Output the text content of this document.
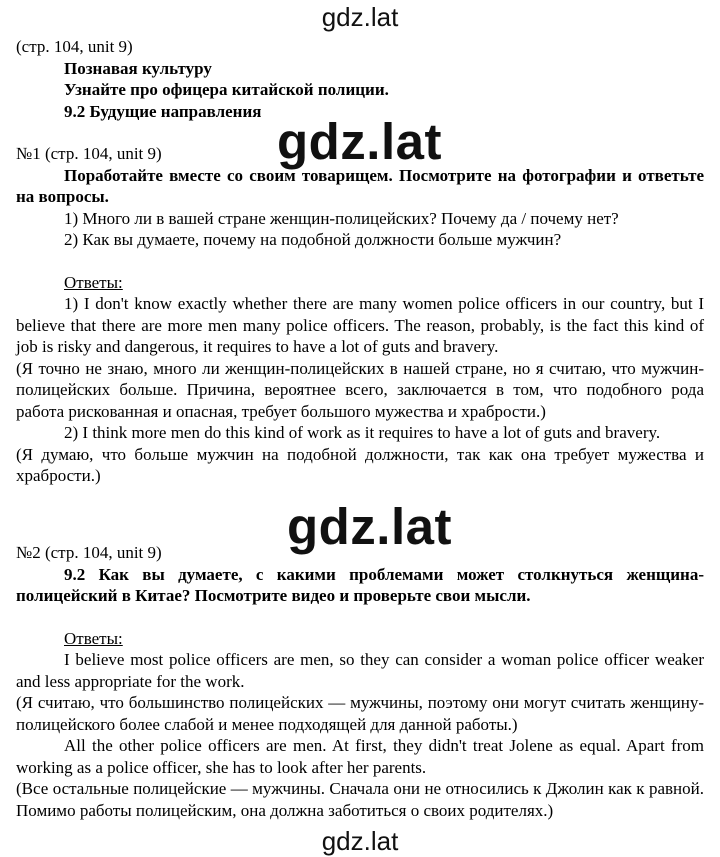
gdz.lat

(стр. 104, unit 9)

Познавая культуру

Узнайте про офицера китайской полиции.

9.2 Будущие направления

gdz.lat

№1 (стр. 104, unit 9)

Поработайте вместе со своим товарищем. Посмотрите на фотографии и ответьте на вопросы.

1) Много ли в вашей стране женщин-полицейских? Почему да / почему нет?

2) Как вы думаете, почему на подобной должности больше мужчин?

Ответы:

1) I don't know exactly whether there are many women police officers in our country, but I believe that there are more men many police officers. The reason, probably, is the fact this kind of job is risky and dangerous, it requires to have a lot of guts and bravery.

(Я точно не знаю, много ли женщин-полицейских в нашей стране, но я считаю, что мужчин-полицейских больше. Причина, вероятнее всего, заключается в том, что подобного рода работа рискованная и опасная, требует большого мужества и храбрости.)

2) I think more men do this kind of work as it requires to have a lot of guts and bravery.

(Я думаю, что больше мужчин на подобной должности, так как она требует мужества и храбрости.)

gdz.lat

№2 (стр. 104, unit 9)

9.2 Как вы думаете, с какими проблемами может столкнуться женщина-полицейский в Китае? Посмотрите видео и проверьте свои мысли.

Ответы:

I believe most police officers are men, so they can consider a woman police officer weaker and less appropriate for the work.

(Я считаю, что большинство полицейских — мужчины, поэтому они могут считать женщину-полицейского более слабой и менее подходящей для данной работы.)

All the other police officers are men. At first, they didn't treat Jolene as equal. Apart from working as a police officer, she has to look after her parents.

(Все остальные полицейские — мужчины. Сначала они не относились к Джолин как к равной. Помимо работы полицейским, она должна заботиться о своих родителях.)

gdz.lat
